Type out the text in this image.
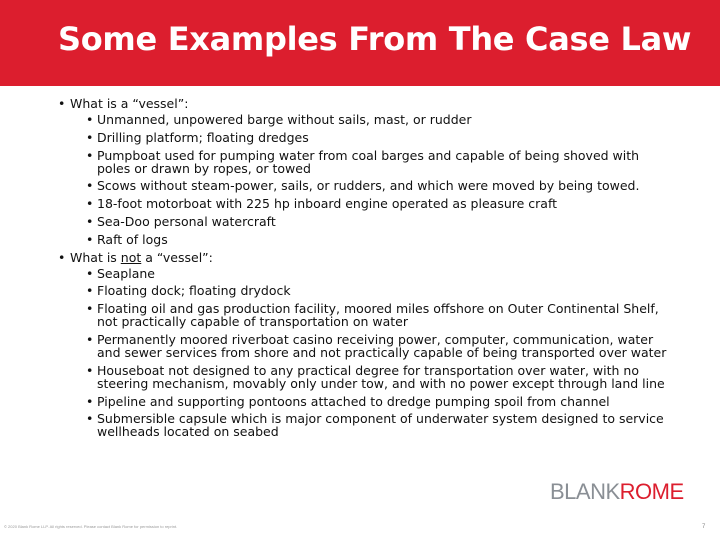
Some Examples From The Case Law
• What is a “vessel”:
• Unmanned, unpowered barge without sails, mast, or rudder
• Drilling platform; floating dredges
• Pumpboat used for pumping water from coal barges and capable of being shoved with poles or drawn by ropes, or towed
• Scows without steam-power, sails, or rudders, and which were moved by being towed.
• 18-foot motorboat with 225 hp inboard engine operated as pleasure craft
• Sea-Doo personal watercraft
• Raft of logs
• What is not a “vessel”:
• Seaplane
• Floating dock; floating drydock
• Floating oil and gas production facility, moored miles offshore on Outer Continental Shelf, not practically capable of transportation on water
• Permanently moored riverboat casino receiving power, computer, communication, water and sewer services from shore and not practically capable of being transported over water
• Houseboat not designed to any practical degree for transportation over water, with no steering mechanism, movably only under tow, and with no power except through land line
• Pipeline and supporting pontoons attached to dredge pumping spoil from channel
• Submersible capsule which is major component of underwater system designed to service wellheads located on seabed
BLANKROME
© 2020 Blank Rome LLP. All rights reserved. Please contact Blank Rome for permission to reprint.	7
